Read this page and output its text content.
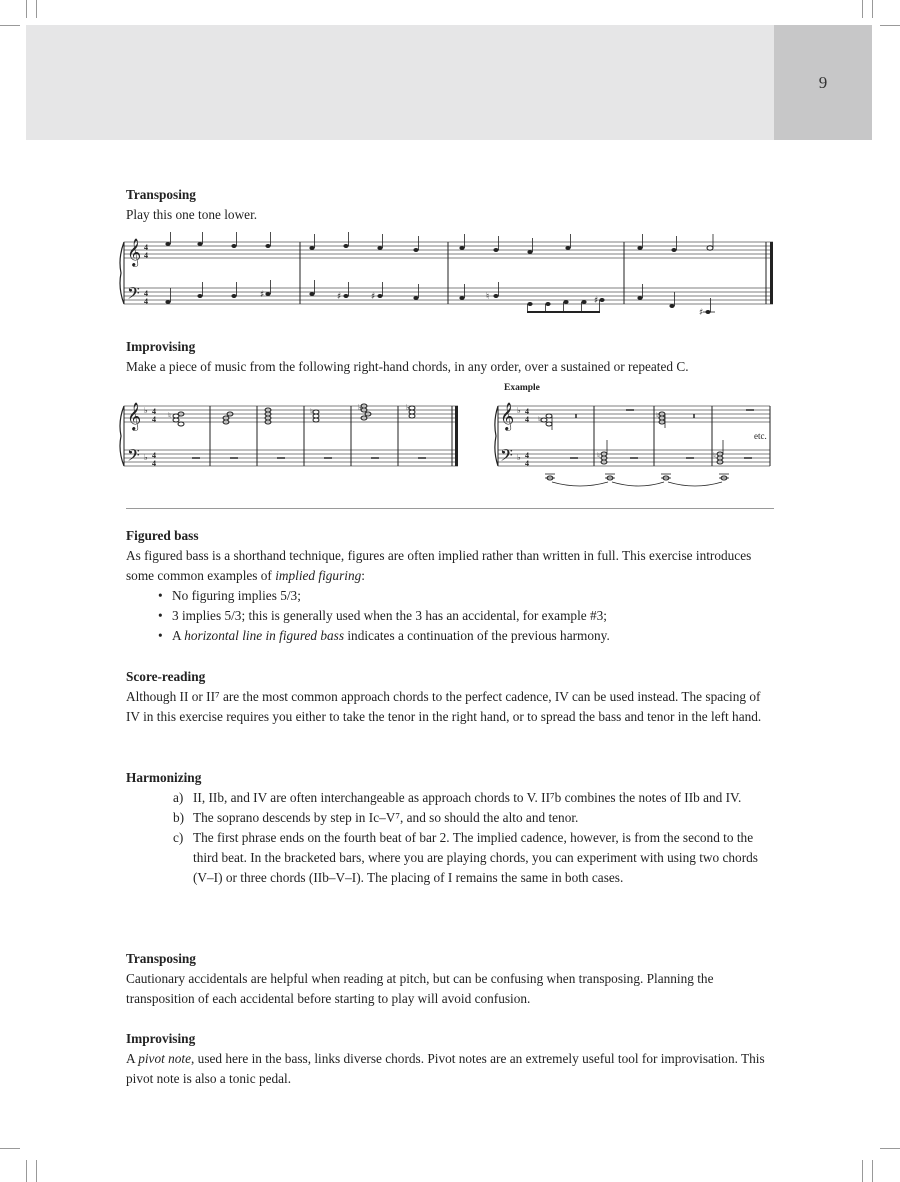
9

Transposing

Play this one tone lower.

𝄞
𝄢
4
4
4
4
♯	♯	♯	♮	♯
♯

Improvising

Make a piece of music from the following right-hand chords, in any order, over a sustained or repeated C.

𝄞
𝄢
♭
♭
4
4
4
4
♮
♭	♭
♮
Example
𝄞
𝄢
♭
♭
4
4
4
4
♮	♮
♮	♮
etc.

Figured bass

As figured bass is a shorthand technique, figures are often implied rather than written in full. This exercise introduces some common examples of implied figuring:

• No figuring implies 5/3;
• 3 implies 5/3; this is generally used when the 3 has an accidental, for example #3;
• A horizontal line in figured bass indicates a continuation of the previous harmony.

Score-reading

Although II or II⁷ are the most common approach chords to the perfect cadence, IV can be used instead. The spacing of IV in this exercise requires you either to take the tenor in the right hand, or to spread the bass and tenor in the left hand.

Harmonizing

a) II, IIb, and IV are often interchangeable as approach chords to V. II⁷b combines the notes of IIb and IV.
b) The soprano descends by step in Ic–V⁷, and so should the alto and tenor.
c) The first phrase ends on the fourth beat of bar 2. The implied cadence, however, is from the second to the third beat. In the bracketed bars, where you are playing chords, you can experiment with using two chords (V–I) or three chords (IIb–V–I). The placing of I remains the same in both cases.

Transposing

Cautionary accidentals are helpful when reading at pitch, but can be confusing when transposing. Planning the transposition of each accidental before starting to play will avoid confusion.

Improvising

A pivot note, used here in the bass, links diverse chords. Pivot notes are an extremely useful tool for improvisation. This pivot note is also a tonic pedal.
